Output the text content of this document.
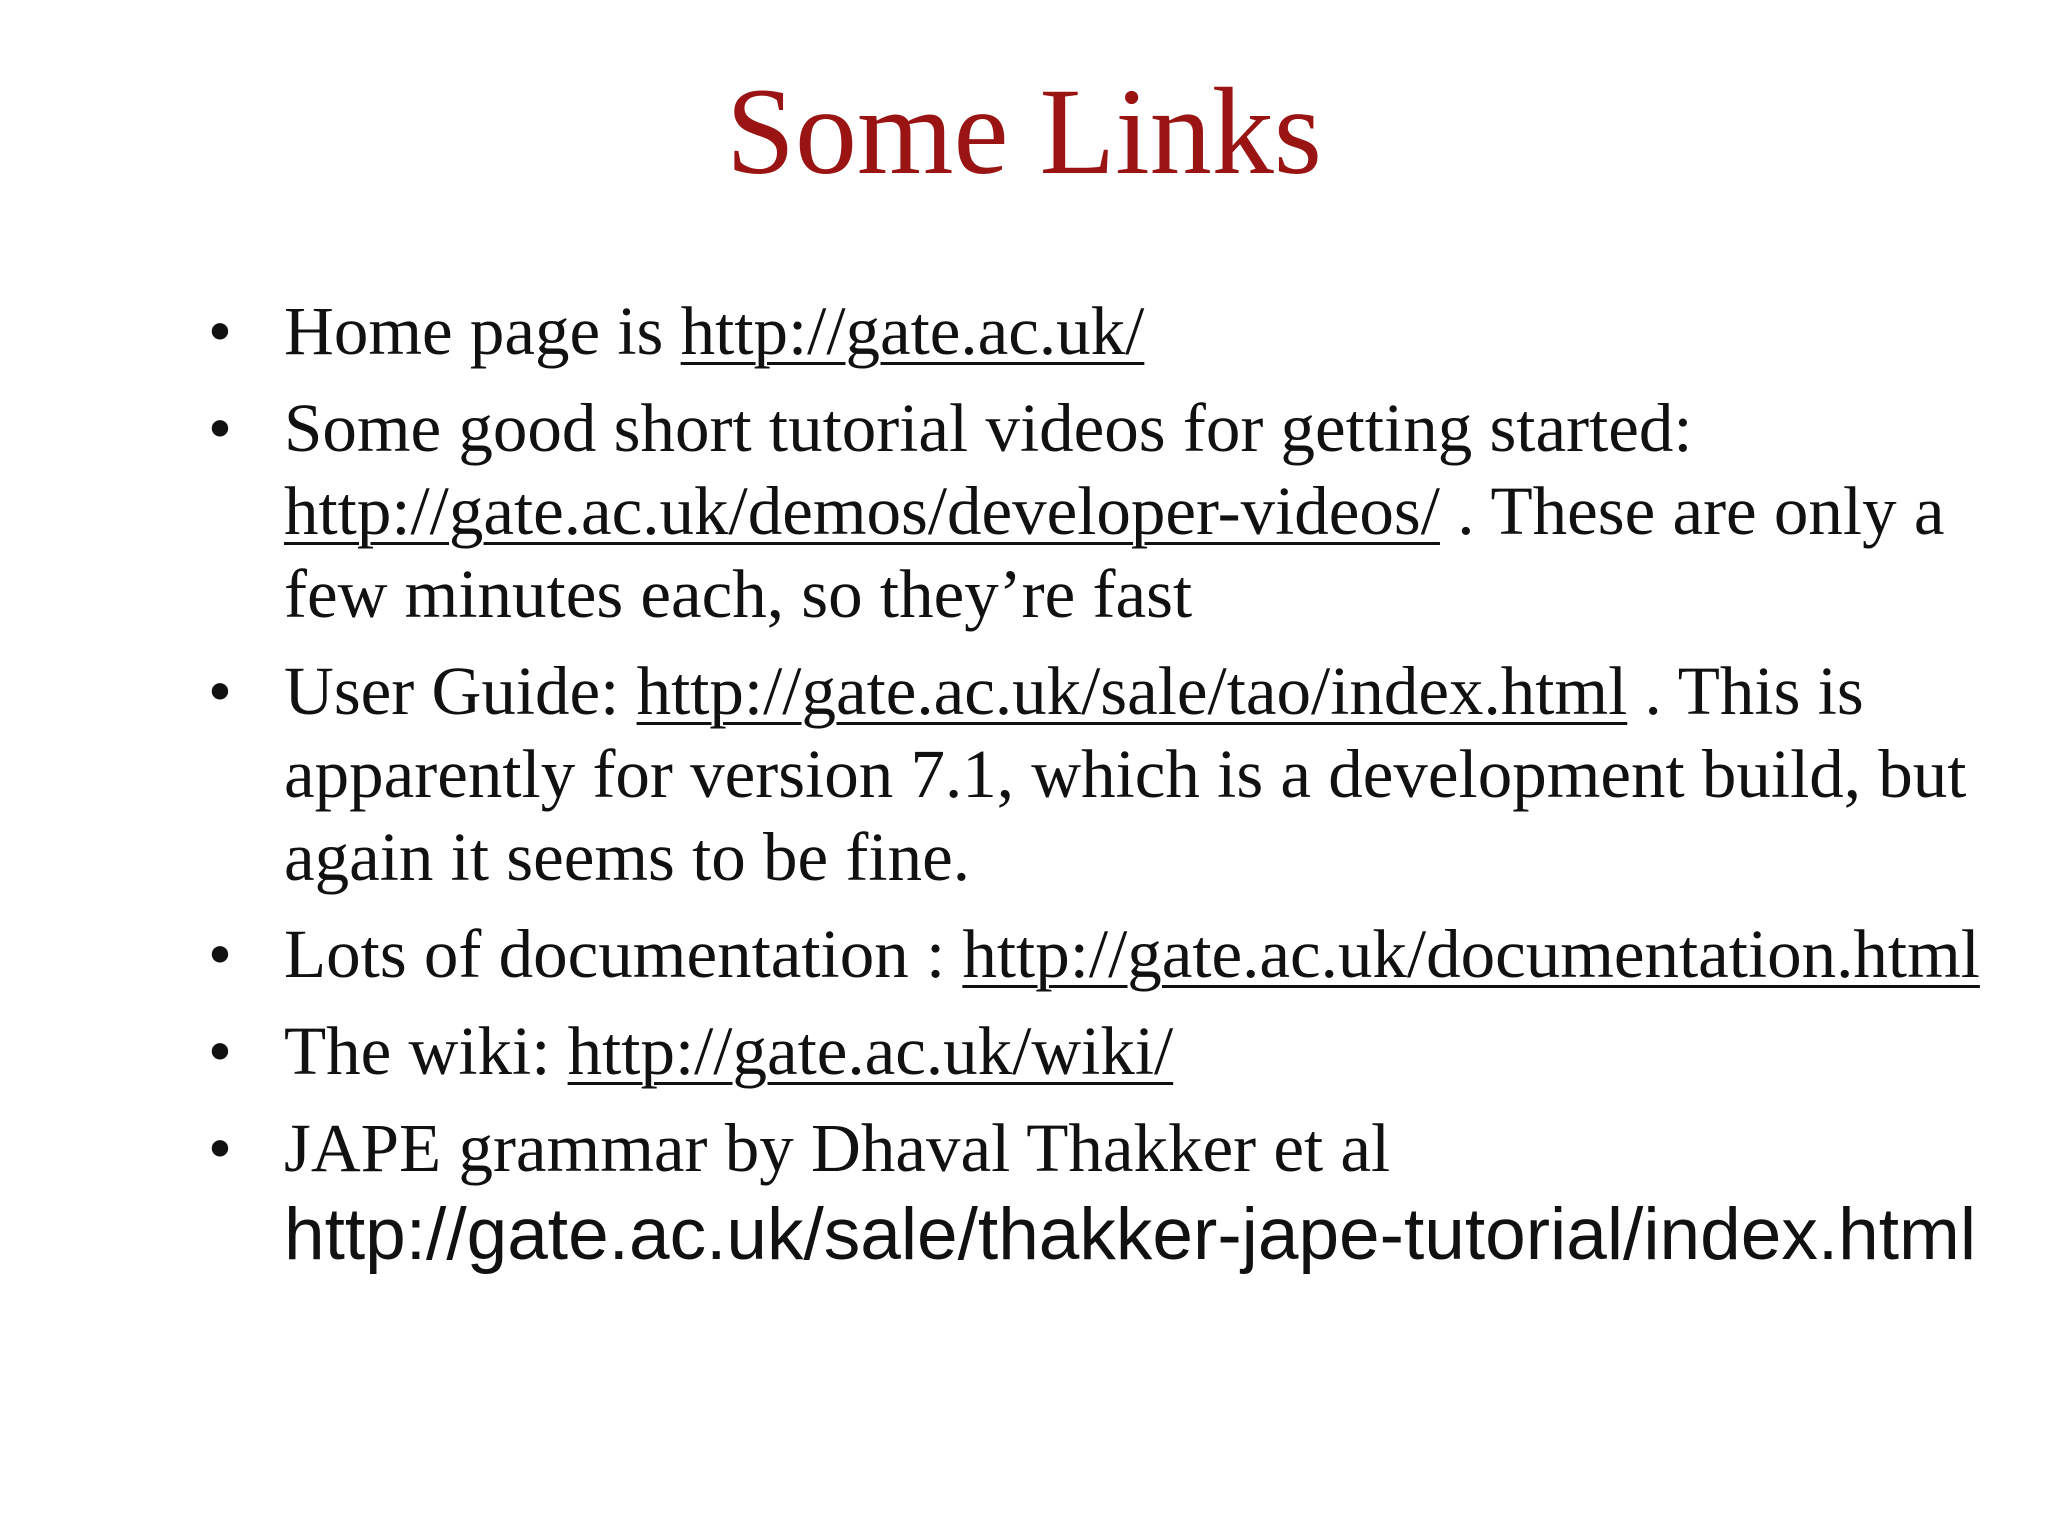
Some Links
• Home page is http://gate.ac.uk/
• Some good short tutorial videos for getting started: http://gate.ac.uk/demos/developer-videos/ . These are only a few minutes each, so they’re fast
• User Guide: http://gate.ac.uk/sale/tao/index.html . This is apparently for version 7.1, which is a development build, but again it seems to be fine.
• Lots of documentation : http://gate.ac.uk/documentation.html
• The wiki: http://gate.ac.uk/wiki/
• JAPE grammar by Dhaval Thakker et al
http://gate.ac.uk/sale/thakker-jape-tutorial/index.html
